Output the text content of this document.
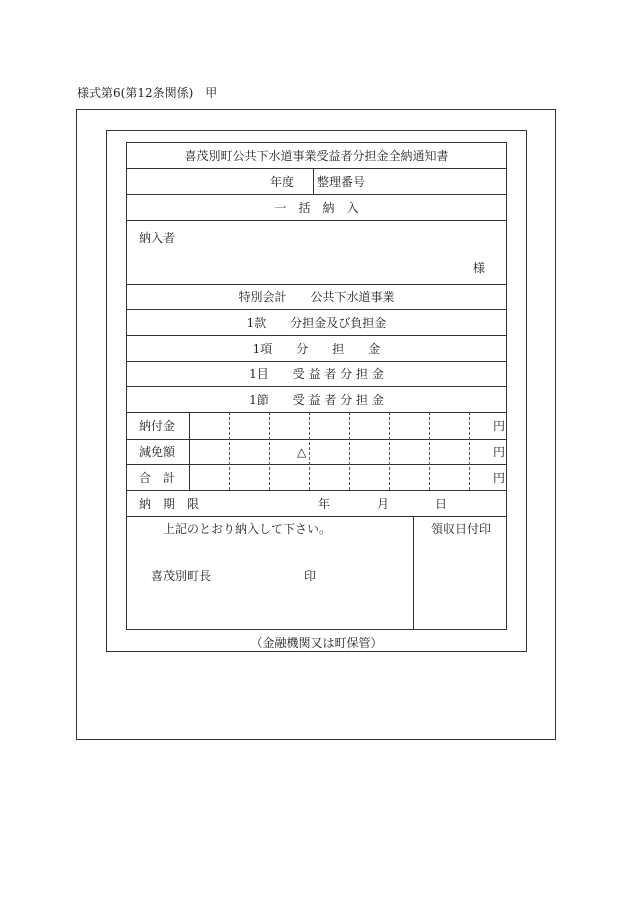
様式第6(第12条関係)　甲
喜茂別町公共下水道事業受益者分担金全納通知書
年度 整理番号
一　括　納　入
納入者
様
特別会計　　公共下水道事業
1款　　分担金及び負担金
1項　　分　　担　　金
1目　　受 益 者 分 担 金
1節　　受 益 者 分 担 金
納付金	円
減免額	△	円
合　計	円
納　期　限	年	月	日
上記のとおり納入して下さい。
喜茂別町長	印
領収日付印
（金融機関又は町保管）
